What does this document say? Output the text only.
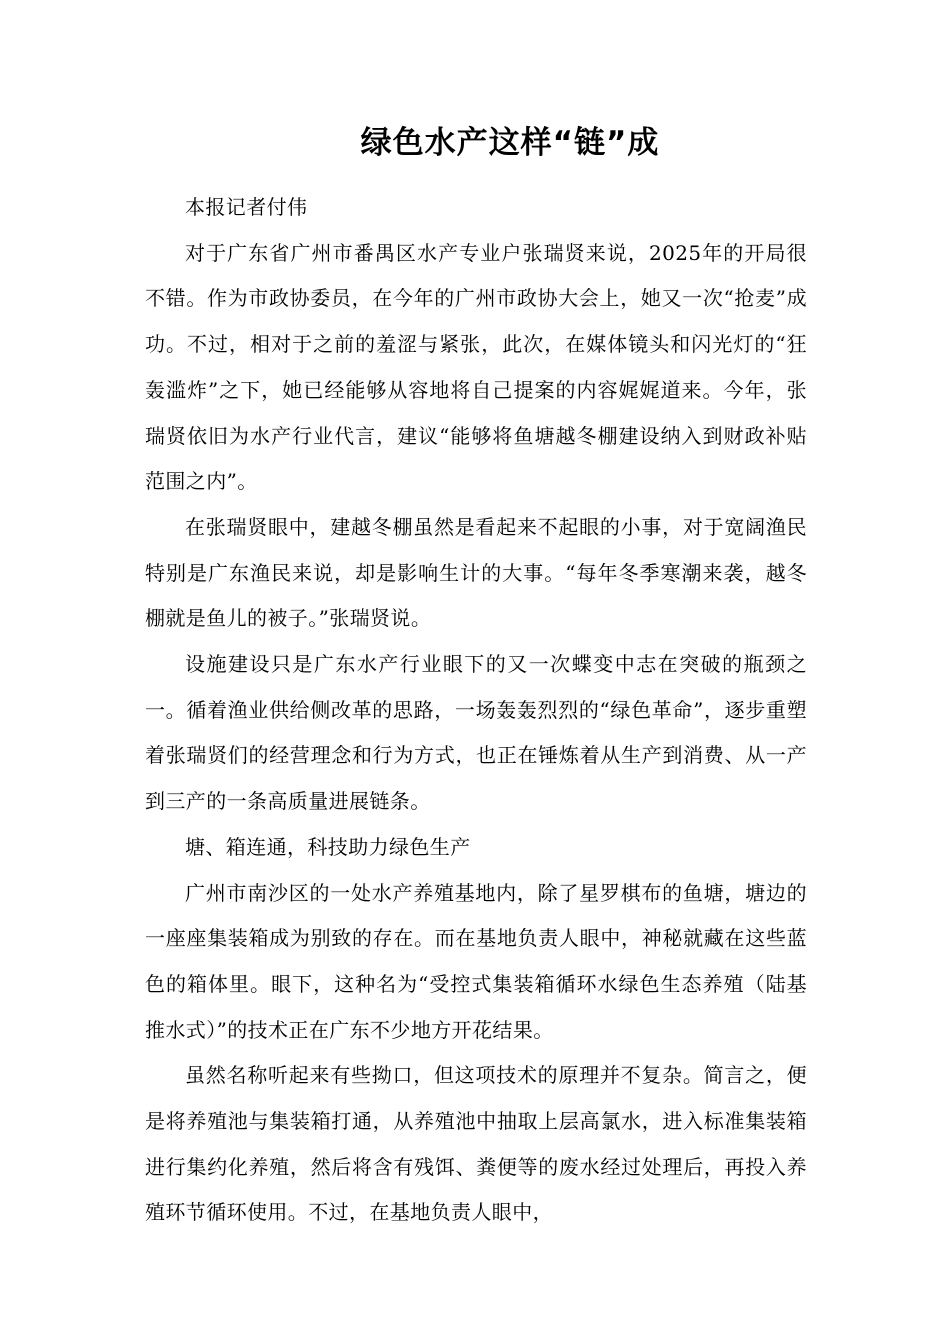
绿色水产这样“链”成

本报记者付伟

对于广东省广州市番禺区水产专业户张瑞贤来说，2025年的开局很不错。作为市政协委员，在今年的广州市政协大会上，她又一次“抢麦”成功。不过，相对于之前的羞涩与紧张，此次，在媒体镜头和闪光灯的“狂轰滥炸”之下，她已经能够从容地将自己提案的内容娓娓道来。今年，张瑞贤依旧为水产行业代言，建议“能够将鱼塘越冬棚建设纳入到财政补贴范围之内”。

在张瑞贤眼中，建越冬棚虽然是看起来不起眼的小事，对于宽阔渔民特别是广东渔民来说，却是影响生计的大事。“每年冬季寒潮来袭，越冬棚就是鱼儿的被子。”张瑞贤说。

设施建设只是广东水产行业眼下的又一次蝶变中志在突破的瓶颈之一。循着渔业供给侧改革的思路，一场轰轰烈烈的“绿色革命”，逐步重塑着张瑞贤们的经营理念和行为方式，也正在锤炼着从生产到消费、从一产到三产的一条高质量进展链条。

塘、箱连通，科技助力绿色生产

广州市南沙区的一处水产养殖基地内，除了星罗棋布的鱼塘，塘边的一座座集装箱成为别致的存在。而在基地负责人眼中，神秘就藏在这些蓝色的箱体里。眼下，这种名为“受控式集装箱循环水绿色生态养殖（陆基推水式）”的技术正在广东不少地方开花结果。

虽然名称听起来有些拗口，但这项技术的原理并不复杂。简言之，便是将养殖池与集装箱打通，从养殖池中抽取上层高氯水，进入标准集装箱进行集约化养殖，然后将含有残饵、粪便等的废水经过处理后，再投入养殖环节循环使用。不过，在基地负责人眼中，
